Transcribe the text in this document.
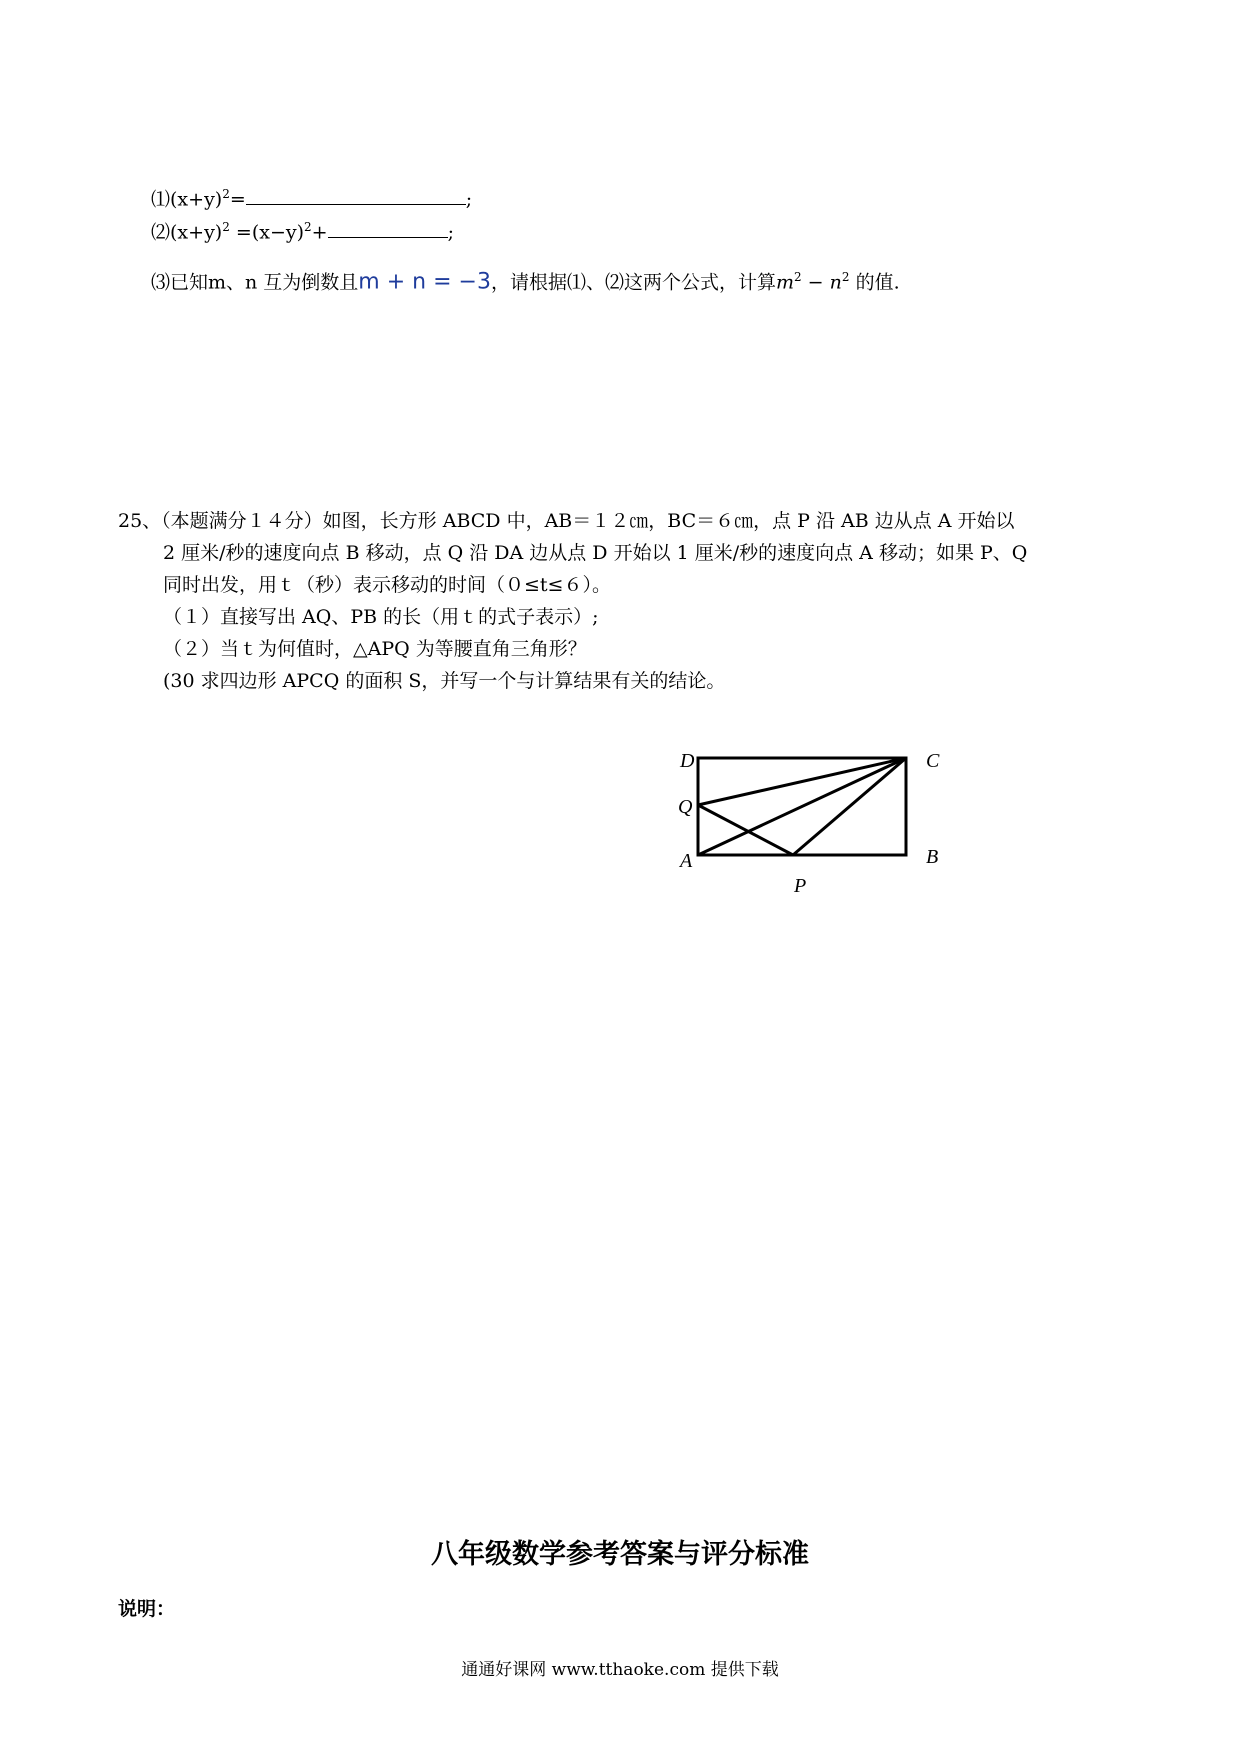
$⑴(x+y)^2=$	;
$⑵(x+y)^2 =(x-y)^2+$	;
⑶已知m、n 互为倒数且m + n = −3，请根据⑴、⑵这两个公式，计算$m^2 - n^2$ 的值.
25、（本题满分１４分）如图，长方形 ABCD 中，AB＝１２㎝，BC＝６㎝，点 P 沿 AB 边从点 A 开始以
2 厘米/秒的速度向点 B 移动，点 Q 沿 DA 边从点 D 开始以 1 厘米/秒的速度向点 A 移动；如果 P、Q
同时出发，用ｔ（秒）表示移动的时间（０≤t≤６）。
（１）直接写出 AQ、PB 的长（用ｔ的式子表示）;
（２）当ｔ为何值时，△APQ 为等腰直角三角形？
(30 求四边形 APCQ 的面积 S，并写一个与计算结果有关的结论。
D	C
Q
A	B
P
八年级数学参考答案与评分标准
说明：
通通好课网 www.tthaoke.com 提供下载
